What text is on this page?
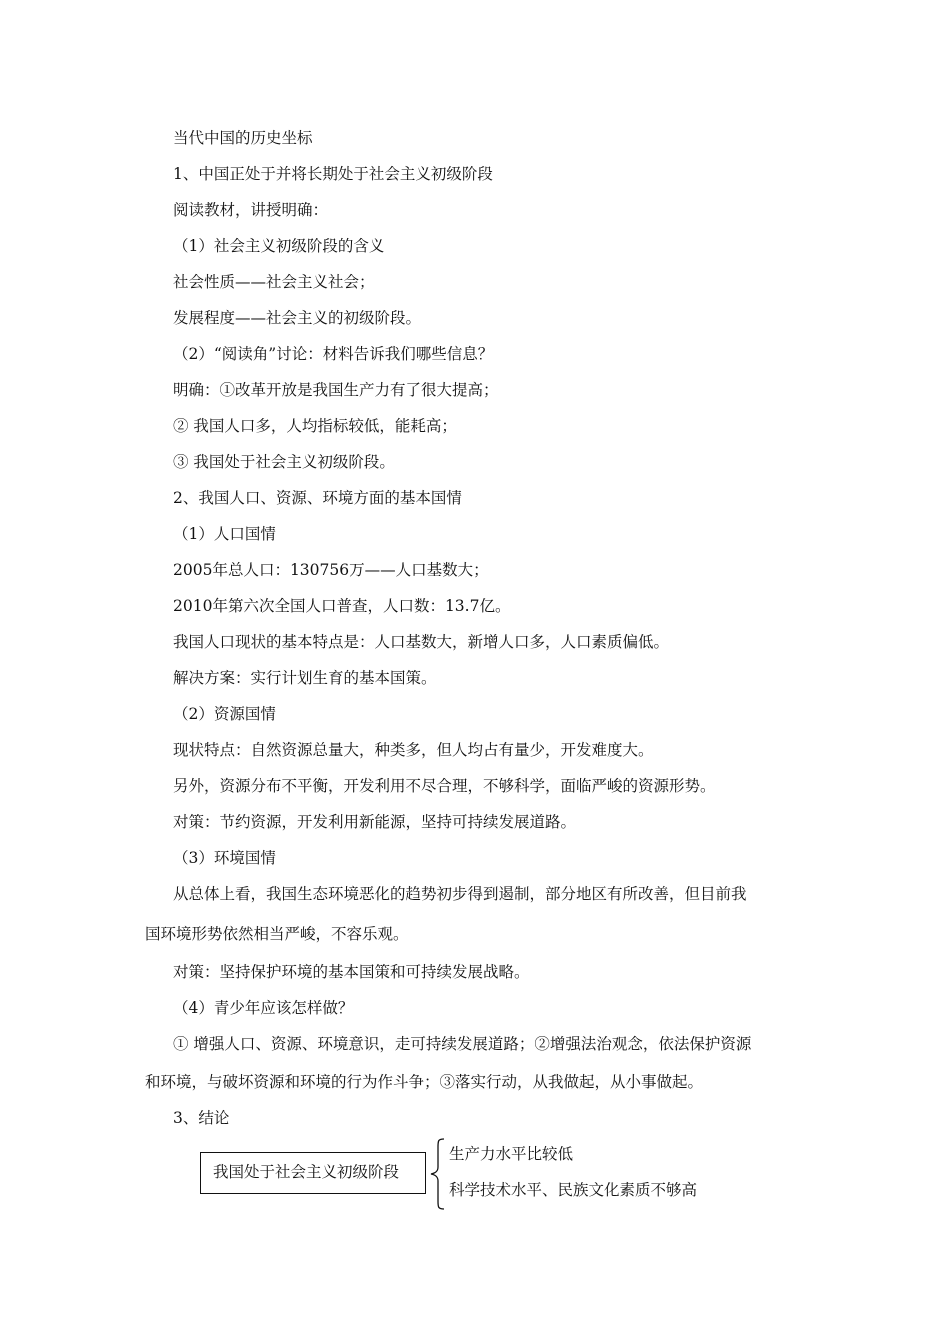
当代中国的历史坐标
1、中国正处于并将长期处于社会主义初级阶段
阅读教材，讲授明确：
（1）社会主义初级阶段的含义
社会性质——社会主义社会；
发展程度——社会主义的初级阶段。
（2）“阅读角”讨论：材料告诉我们哪些信息？
明确：①改革开放是我国生产力有了很大提高；
② 我国人口多，人均指标较低，能耗高；
③ 我国处于社会主义初级阶段。
2、我国人口、资源、环境方面的基本国情
（1）人口国情
2005年总人口：130756万——人口基数大；
2010年第六次全国人口普查，人口数：13.7亿。
我国人口现状的基本特点是：人口基数大，新增人口多，人口素质偏低。
解决方案：实行计划生育的基本国策。
（2）资源国情
现状特点：自然资源总量大，种类多，但人均占有量少，开发难度大。
另外，资源分布不平衡，开发利用不尽合理，不够科学，面临严峻的资源形势。
对策：节约资源，开发利用新能源，坚持可持续发展道路。
（3）环境国情
从总体上看，我国生态环境恶化的趋势初步得到遏制，部分地区有所改善，但目前我
国环境形势依然相当严峻，不容乐观。
对策：坚持保护环境的基本国策和可持续发展战略。
（4）青少年应该怎样做？
① 增强人口、资源、环境意识，走可持续发展道路；②增强法治观念，依法保护资源
和环境，与破坏资源和环境的行为作斗争；③落实行动，从我做起，从小事做起。
3、结论
我国处于社会主义初级阶段
生产力水平比较低
科学技术水平、民族文化素质不够高
